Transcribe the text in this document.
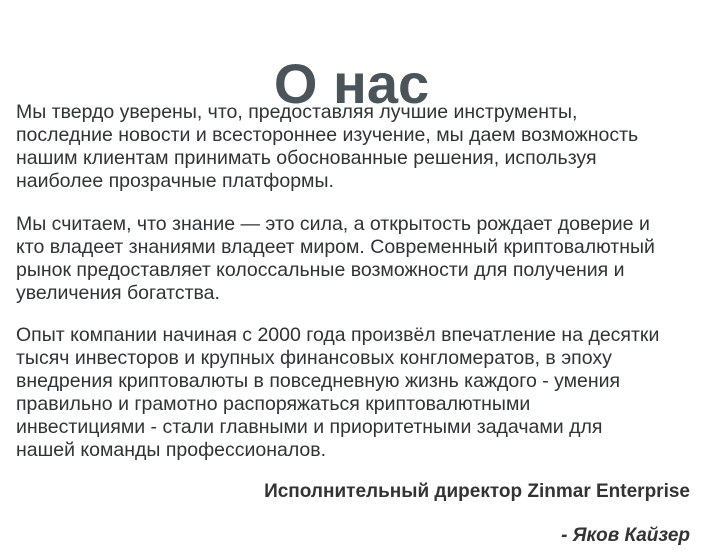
О нас

Мы твердо уверены, что, предоставляя лучшие инструменты,
последние новости и всестороннее изучение, мы даем возможность
нашим клиентам принимать обоснованные решения, используя
наиболее прозрачные платформы.

Мы считаем, что знание — это сила, а открытость рождает доверие и
кто владеет знаниями владеет миром. Современный криптовалютный
рынок предоставляет колоссальные возможности для получения и
увеличения богатства.

Опыт компании начиная с 2000 года произвёл впечатление на десятки
тысяч инвесторов и крупных финансовых конгломератов, в эпоху
внедрения криптовалюты в повседневную жизнь каждого - умения
правильно и грамотно распоряжаться криптовалютными
инвестициями - стали главными и приоритетными задачами для
нашей команды профессионалов.

Исполнительный директор Zinmar Enterprise
- Яков Кайзер
